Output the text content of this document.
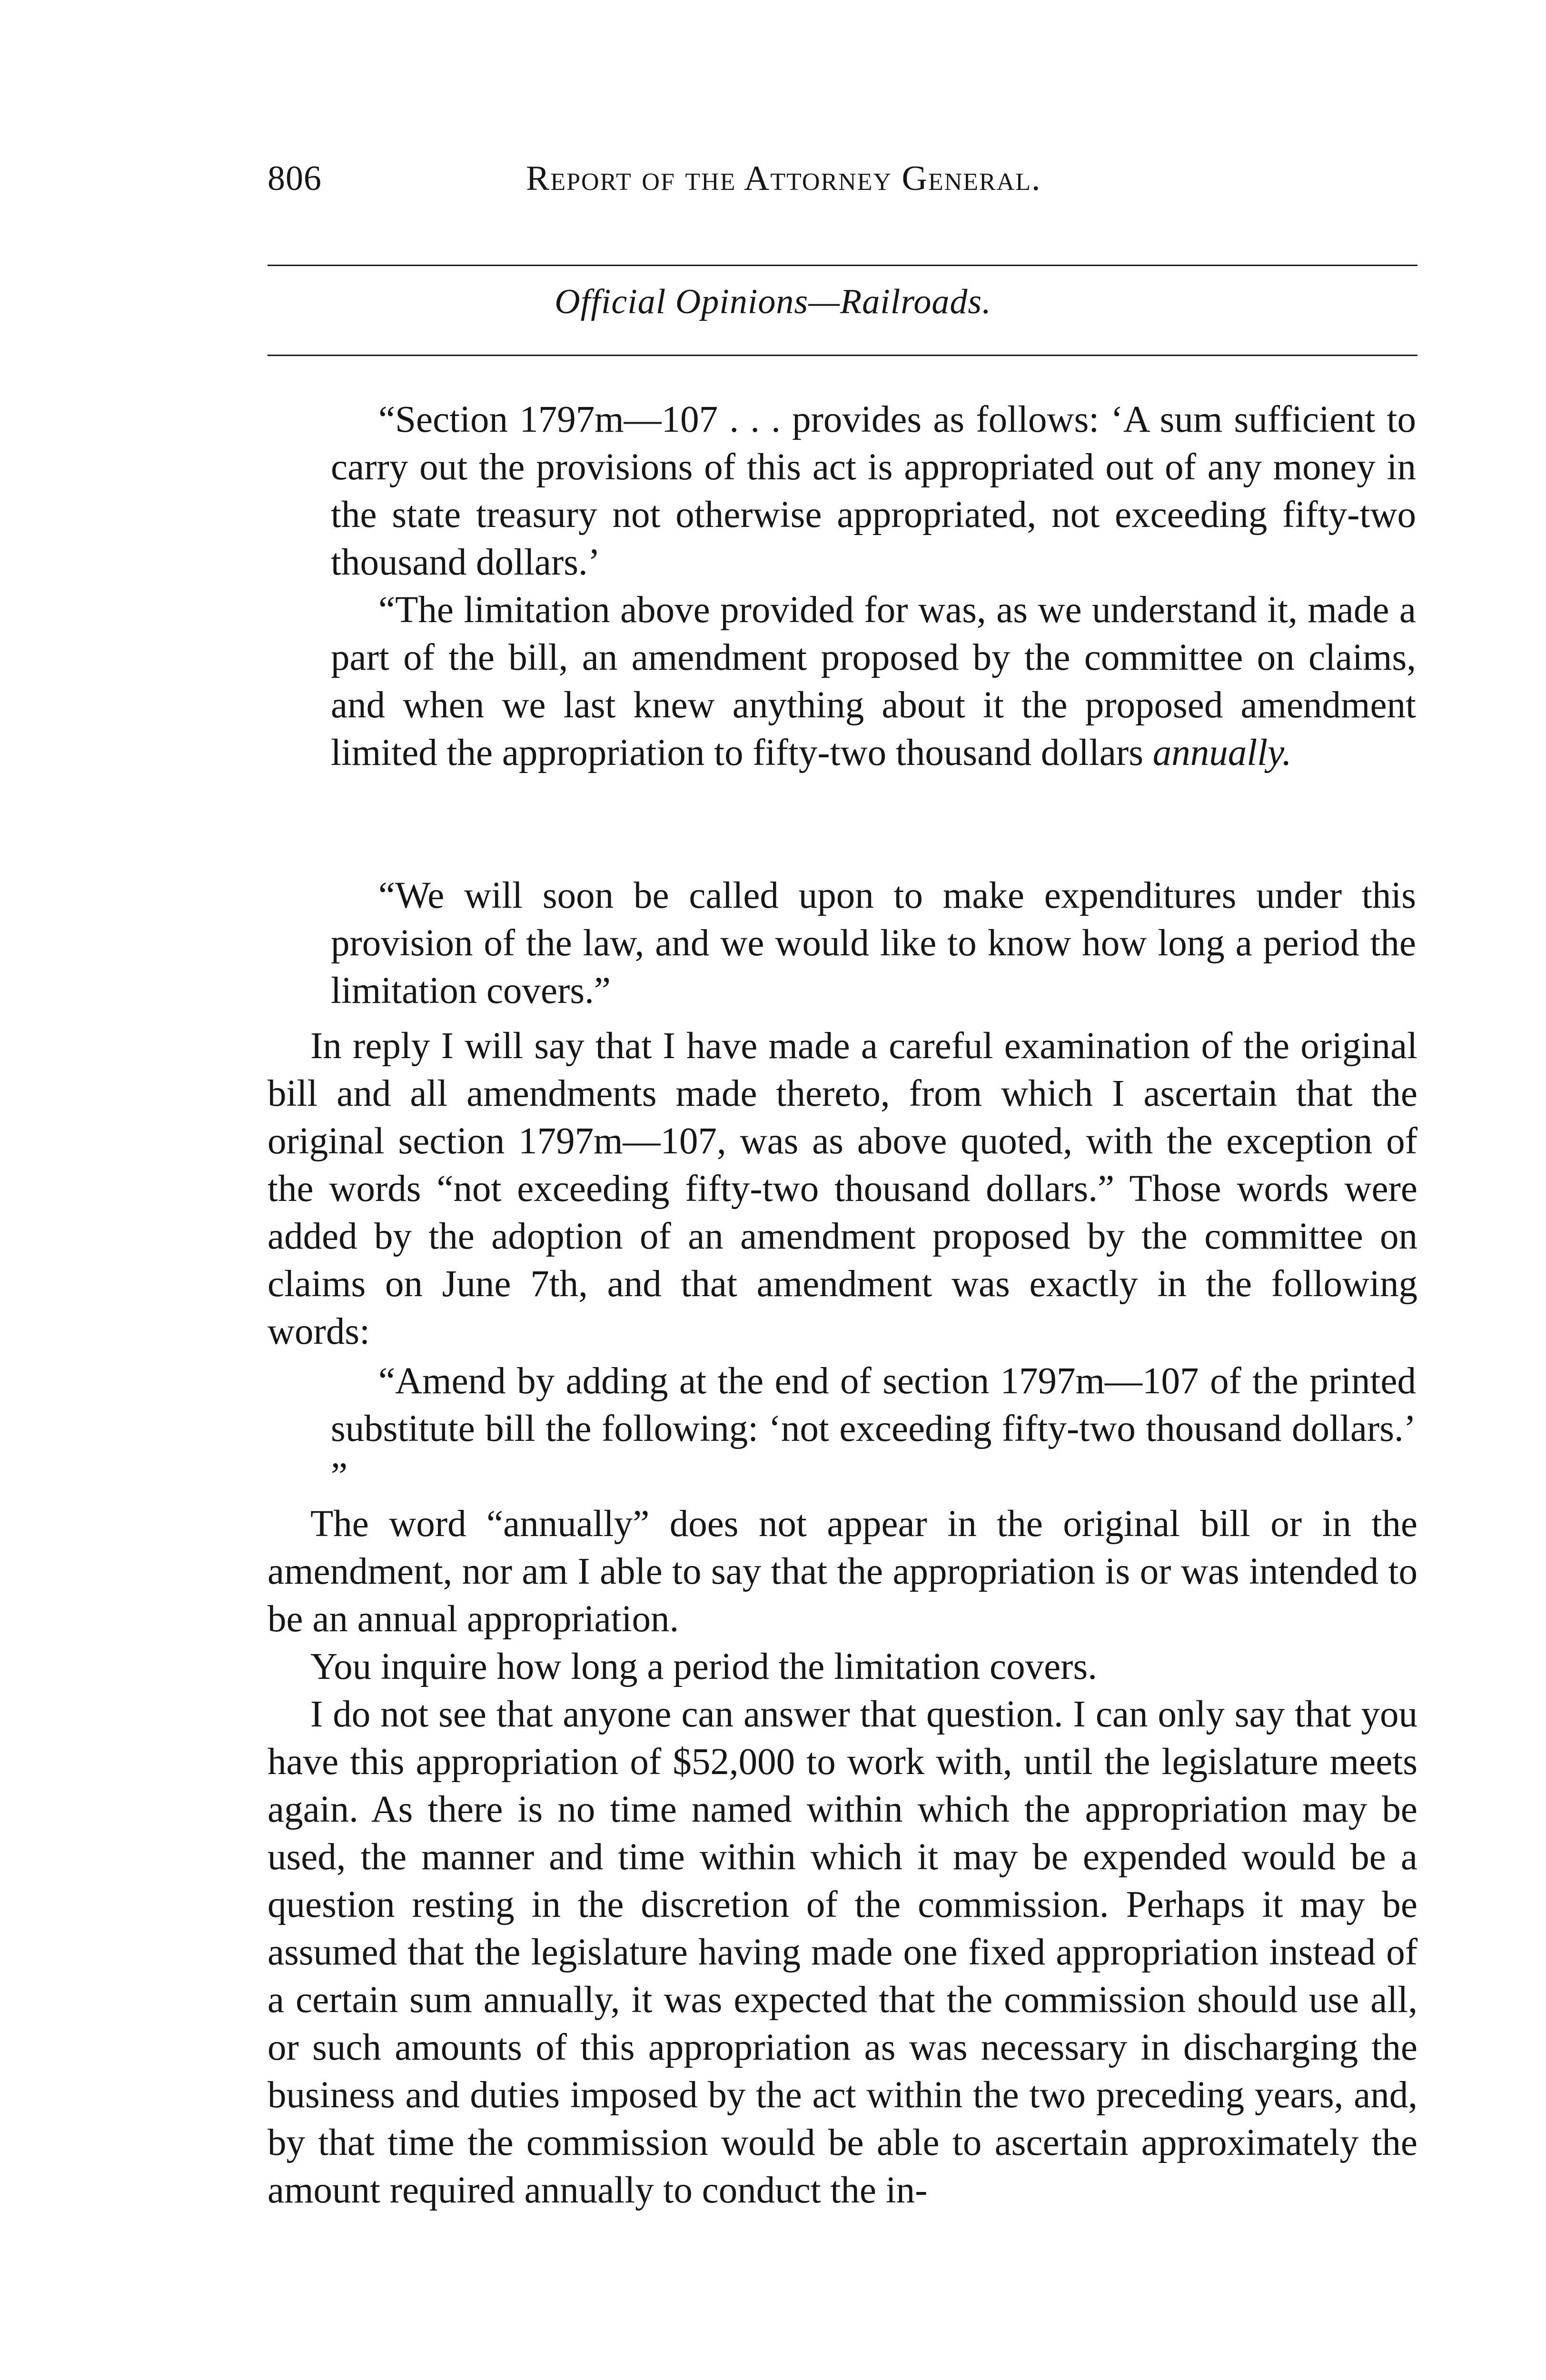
806	Report of the Attorney General.
Official Opinions—Railroads.

“Section 1797m—107 . . . provides as follows: ‘A sum sufficient to carry out the provisions of this act is appropriated out of any money in the state treasury not otherwise appropriated, not exceeding fifty-two thousand dollars.’

“The limitation above provided for was, as we understand it, made a part of the bill, an amendment proposed by the committee on claims, and when we last knew anything about it the proposed amendment limited the appropriation to fifty-two thousand dollars annually.

“We will soon be called upon to make expenditures under this provision of the law, and we would like to know how long a period the limitation covers.”

In reply I will say that I have made a careful examination of the original bill and all amendments made thereto, from which I ascertain that the original section 1797m—107, was as above quoted, with the exception of the words “not exceeding fifty-two thousand dollars.” Those words were added by the adoption of an amendment proposed by the committee on claims on June 7th, and that amendment was exactly in the following words:

“Amend by adding at the end of section 1797m—107 of the printed substitute bill the following: ‘not exceeding fifty-two thousand dollars.’ ”

The word “annually” does not appear in the original bill or in the amendment, nor am I able to say that the appropriation is or was intended to be an annual appropriation.

You inquire how long a period the limitation covers.

I do not see that anyone can answer that question. I can only say that you have this appropriation of $52,000 to work with, until the legislature meets again. As there is no time named within which the appropriation may be used, the manner and time within which it may be expended would be a question resting in the discretion of the commission. Perhaps it may be assumed that the legislature having made one fixed appropriation instead of a certain sum annually, it was expected that the commission should use all, or such amounts of this appropriation as was necessary in discharging the business and duties imposed by the act within the two preceding years, and, by that time the commission would be able to ascertain approximately the amount required annually to conduct the in-
